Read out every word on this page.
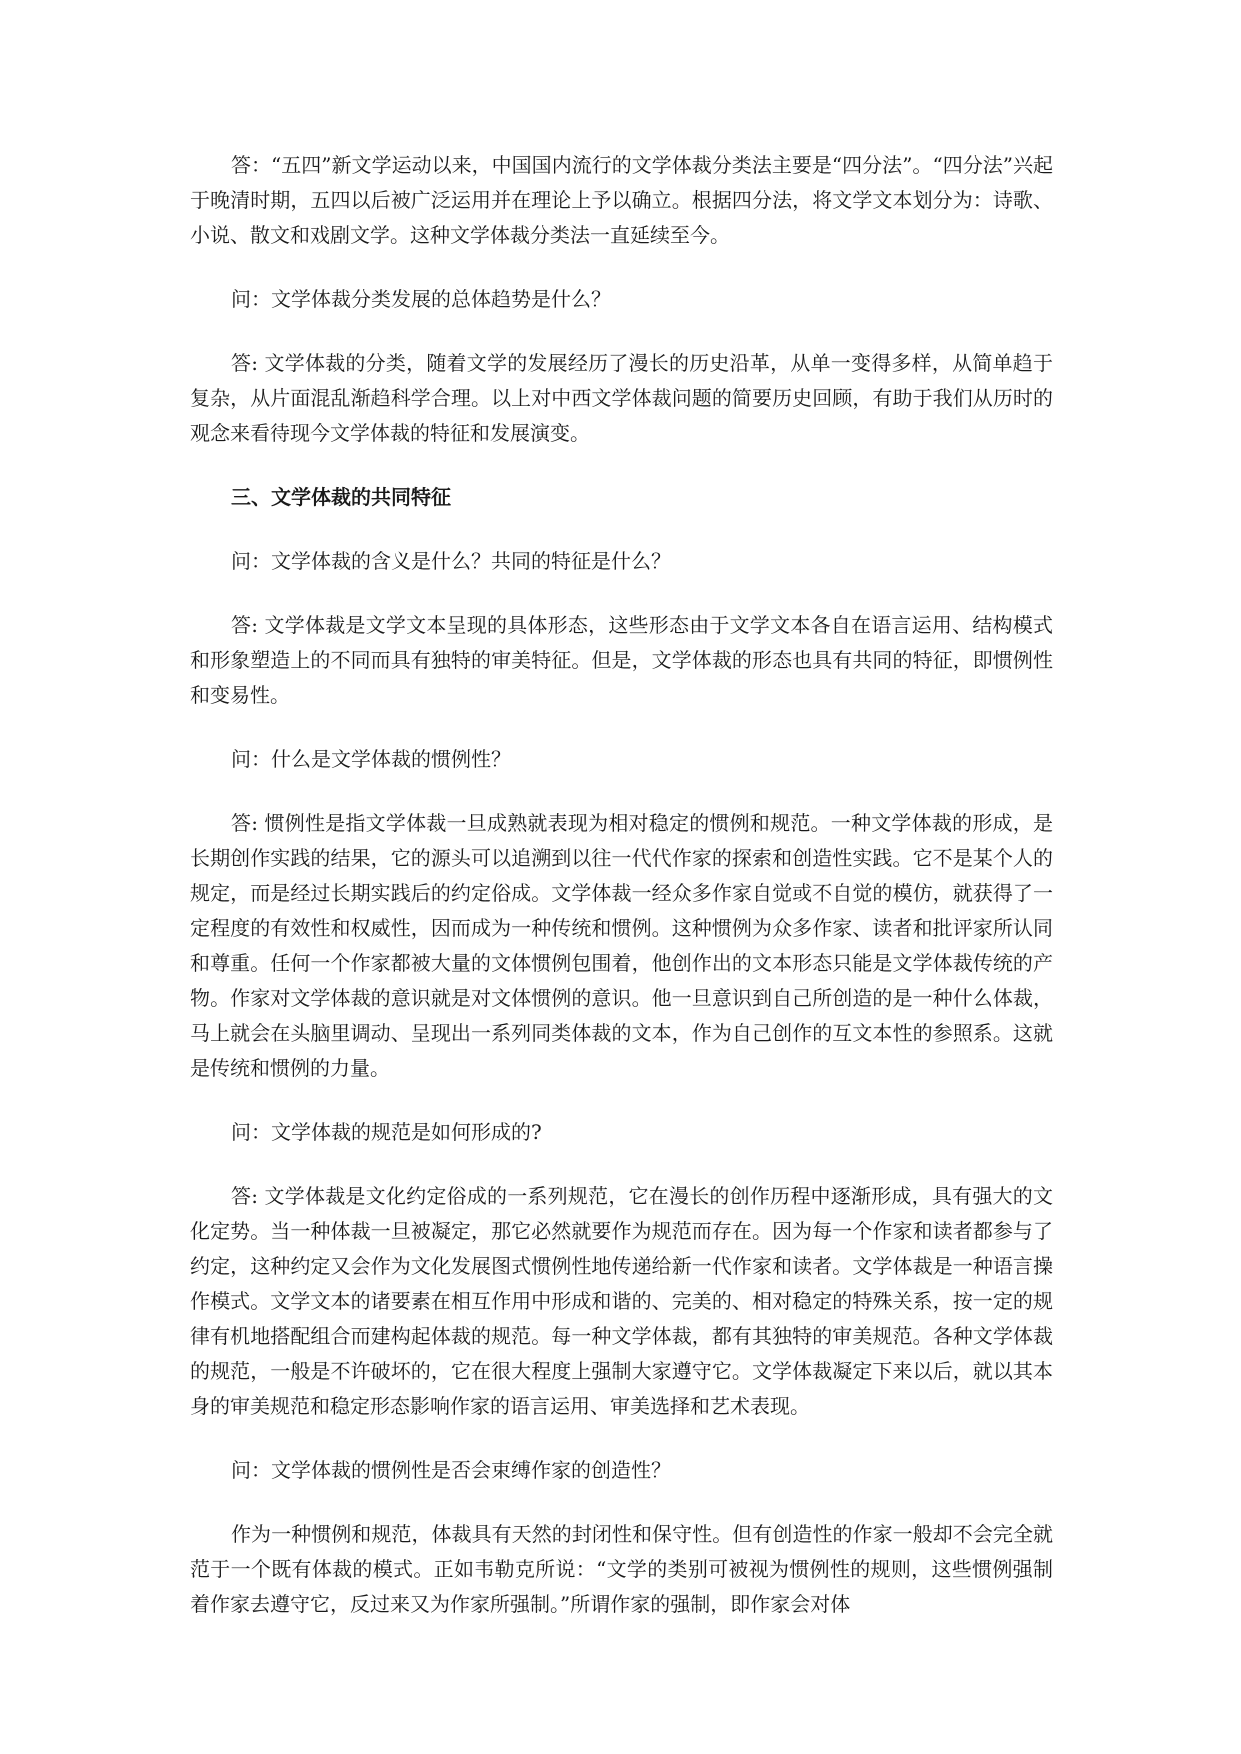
答：“五四”新文学运动以来，中国国内流行的文学体裁分类法主要是“四分法”。“四分法”兴起于晚清时期，五四以后被广泛运用并在理论上予以确立。根据四分法，将文学文本划分为：诗歌、小说、散文和戏剧文学。这种文学体裁分类法一直延续至今。

问：文学体裁分类发展的总体趋势是什么？

答: 文学体裁的分类，随着文学的发展经历了漫长的历史沿革，从单一变得多样，从简单趋于复杂，从片面混乱渐趋科学合理。以上对中西文学体裁问题的简要历史回顾，有助于我们从历时的观念来看待现今文学体裁的特征和发展演变。

三、文学体裁的共同特征

问：文学体裁的含义是什么？共同的特征是什么？

答: 文学体裁是文学文本呈现的具体形态，这些形态由于文学文本各自在语言运用、结构模式和形象塑造上的不同而具有独特的审美特征。但是，文学体裁的形态也具有共同的特征，即惯例性和变易性。

问：什么是文学体裁的惯例性？

答: 惯例性是指文学体裁一旦成熟就表现为相对稳定的惯例和规范。一种文学体裁的形成，是长期创作实践的结果，它的源头可以追溯到以往一代代作家的探索和创造性实践。它不是某个人的规定，而是经过长期实践后的约定俗成。文学体裁一经众多作家自觉或不自觉的模仿，就获得了一定程度的有效性和权威性，因而成为一种传统和惯例。这种惯例为众多作家、读者和批评家所认同和尊重。任何一个作家都被大量的文体惯例包围着，他创作出的文本形态只能是文学体裁传统的产物。作家对文学体裁的意识就是对文体惯例的意识。他一旦意识到自己所创造的是一种什么体裁，马上就会在头脑里调动、呈现出一系列同类体裁的文本，作为自己创作的互文本性的参照系。这就是传统和惯例的力量。

问：文学体裁的规范是如何形成的?

答: 文学体裁是文化约定俗成的一系列规范，它在漫长的创作历程中逐渐形成，具有强大的文化定势。当一种体裁一旦被凝定，那它必然就要作为规范而存在。因为每一个作家和读者都参与了约定，这种约定又会作为文化发展图式惯例性地传递给新一代作家和读者。文学体裁是一种语言操作模式。文学文本的诸要素在相互作用中形成和谐的、完美的、相对稳定的特殊关系，按一定的规律有机地搭配组合而建构起体裁的规范。每一种文学体裁，都有其独特的审美规范。各种文学体裁的规范，一般是不许破坏的，它在很大程度上强制大家遵守它。文学体裁凝定下来以后，就以其本身的审美规范和稳定形态影响作家的语言运用、审美选择和艺术表现。

问：文学体裁的惯例性是否会束缚作家的创造性？

作为一种惯例和规范，体裁具有天然的封闭性和保守性。但有创造性的作家一般却不会完全就范于一个既有体裁的模式。正如韦勒克所说：“文学的类别可被视为惯例性的规则，这些惯例强制着作家去遵守它，反过来又为作家所强制。”所谓作家的强制，即作家会对体
